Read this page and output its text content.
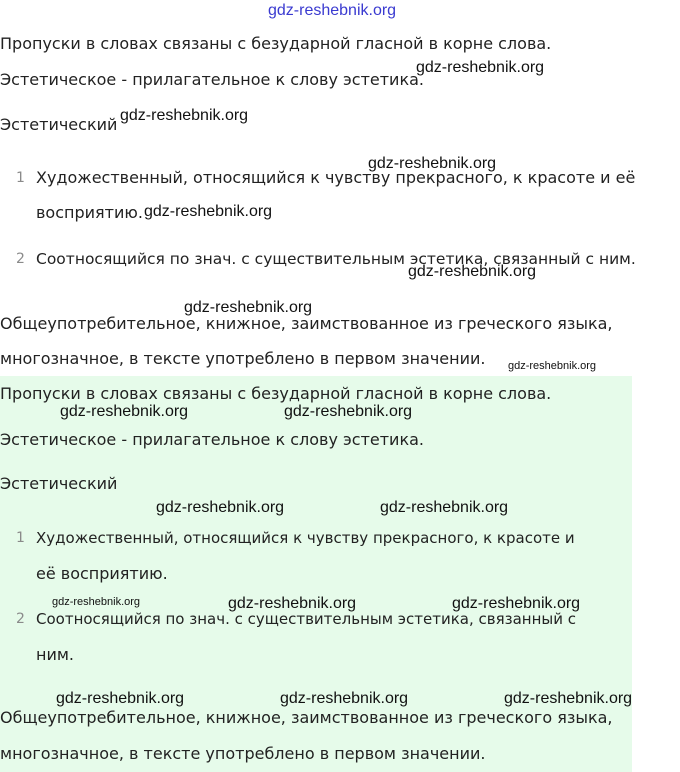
Пропуски в словах связаны с безударной гласной в корне слова.
Эстетическое - прилагательное к слову эстетика.
Эстетический
1 Художественный, относящийся к чувству прекрасного, к красоте и её
восприятию.
2 Соотносящийся по знач. с существительным эстетика, связанный с ним.
Общеупотребительное, книжное, заимствованное из греческого языка,
многозначное, в тексте употреблено в первом значении.
Пропуски в словах связаны с безударной гласной в корне слова.
Эстетическое - прилагательное к слову эстетика.
Эстетический
1 Художественный, относящийся к чувству прекрасного, к красоте и
её восприятию.
2 Соотносящийся по знач. с существительным эстетика, связанный с
ним.
Общеупотребительное, книжное, заимствованное из греческого языка,
многозначное, в тексте употреблено в первом значении.
gdz-reshebnik.org
gdz-reshebnik.org
gdz-reshebnik.org
gdz-reshebnik.org
gdz-reshebnik.org
gdz-reshebnik.org
gdz-reshebnik.org
gdz-reshebnik.org
gdz-reshebnik.org	gdz-reshebnik.org
gdz-reshebnik.org	gdz-reshebnik.org
gdz-reshebnik.org	gdz-reshebnik.org	gdz-reshebnik.org
gdz-reshebnik.org	gdz-reshebnik.org	gdz-reshebnik.org
